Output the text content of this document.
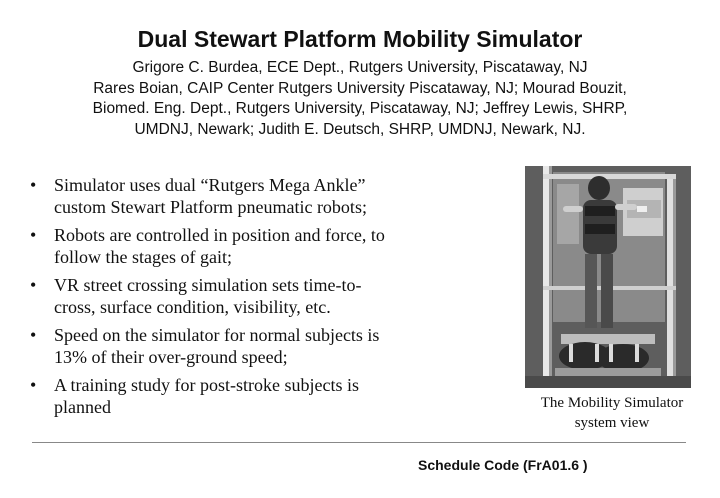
Dual Stewart Platform Mobility Simulator
Grigore C. Burdea, ECE Dept., Rutgers University, Piscataway, NJ
Rares Boian, CAIP Center Rutgers University Piscataway, NJ; Mourad Bouzit,
Biomed. Eng. Dept., Rutgers University, Piscataway, NJ; Jeffrey Lewis, SHRP,
UMDNJ, Newark; Judith E. Deutsch, SHRP, UMDNJ, Newark, NJ.
• Simulator uses dual “Rutgers Mega Ankle”
custom Stewart Platform pneumatic robots;
• Robots are controlled in position and force, to
follow the stages of gait;
• VR street crossing simulation sets time-to-
cross, surface condition, visibility, etc.
• Speed on the simulator for normal subjects is
13% of their over-ground speed;
• A training study for post-stroke subjects is
planned	The Mobility Simulator
system view
Schedule Code (FrA01.6 )
